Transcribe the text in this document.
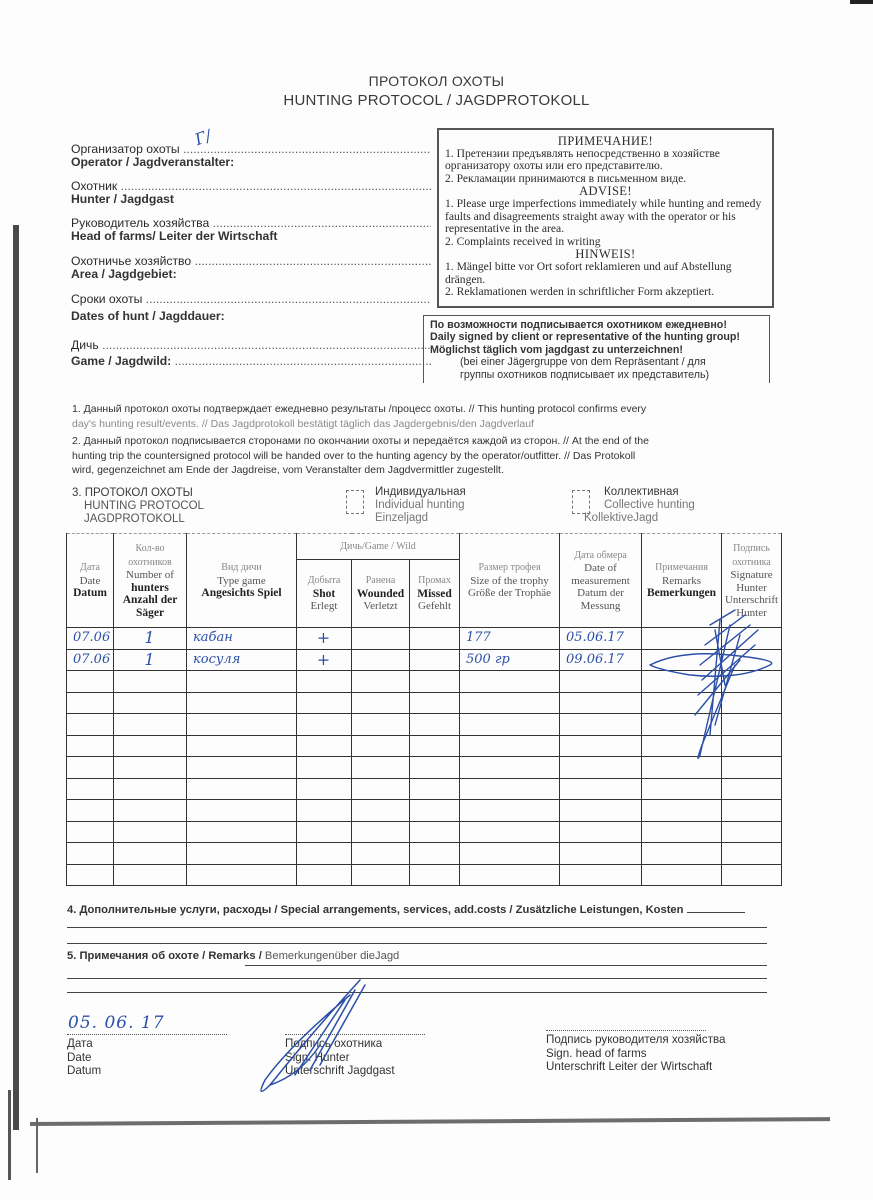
ПРОТОКОЛ ОХОТЫ
HUNTING PROTOCOL / JAGDPROTOKOLL
Организатор охоты .....
Operator / Jagdveranstalter:
Г/
Охотник .....
Hunter / Jagdgast
Руководитель хозяйства .....
Head of farms/ Leiter der Wirtschaft
Охотничье хозяйство .....
Area / Jagdgebiet:
Сроки охоты .....
Dates of hunt / Jagddauer:
Дичь .....
Game / Jagdwild: .....
ПРИМЕЧАНИЕ!

1. Претензии предъявлять непосредственно в хозяйстве организатору охоты или его представителю.

2. Рекламации принимаются в письменном виде.

ADVISE!

1. Please urge imperfections immediately while hunting and remedy faults and disagreements straight away with the operator or his representative in the area.

2. Complaints received in writing

HINWEIS!

1. Mängel bitte vor Ort sofort reklamieren und auf Abstellung drängen.

2. Reklamationen werden in schriftlicher Form akzeptiert.

По возможности подписывается охотником ежедневно!
Daily signed by client or representative of the hunting group!
Möglichst täglich vom jagdgast zu unterzeichnen!
(bei einer Jägergruppe von dem Repräsentant / для
группы охотников подписывает их представитель)
1. Данный протокол охоты подтверждает ежедневно результаты /процесс охоты. // This hunting protocol confirms every
day's hunting result/events. // Das Jagdprotokoll bestätigt täglich das Jagdergebnis/den Jagdverlauf
2. Данный протокол подписывается сторонами по окончании охоты и передаётся каждой из сторон. // At the end of the
hunting trip the countersigned protocol will be handed over to the hunting agency by the operator/outfitter. // Das Protokoll
wird, gegenzeichnet am Ende der Jagdreise, vom Veranstalter dem Jagdvermittler zugestellt.
3. ПРОТОКОЛ ОХОТЫ
HUNTING PROTOCOL
JAGDPROTOKOLL
Индивидуальная
Individual hunting
Einzeljagd
Коллективная
Collective hunting
KollektiveJagd
Дата
Date
Datum	Кол-во охотников
Number of
hunters Anzahl der Säger	Вид дичи
Type game
Angesichts Spiel	Дичь/Game / Wild			Размер трофея
Size of the trophy
Größe der Trophäe	Дата обмера
Date of measurement
Datum der Messung	Примечания
Remarks
Bemerkungen	Подпись охотника
Signature Hunter
Unterschrift Hunter
			Добыта
Shot
Erlegt	Ранена
Wounded
Verletzt	Промах
Missed
Gefehlt				
07.06	1	кабан	+			177	05.06.17		
07.06	1	косуля	+			500 гр	09.06.17		

4. Дополнительные услуги, расходы / Special arrangements, services, add.costs / Zusätzliche Leistungen, Kosten
5. Примечания об охоте / Remarks / Bemerkungenüber dieJagd
05. 06. 17
Дата
Date
Datum
Подпись охотника
Sign. Hunter
Unterschrift Jagdgast
Подпись руководителя хозяйства
Sign. head of farms
Unterschrift Leiter der Wirtschaft
